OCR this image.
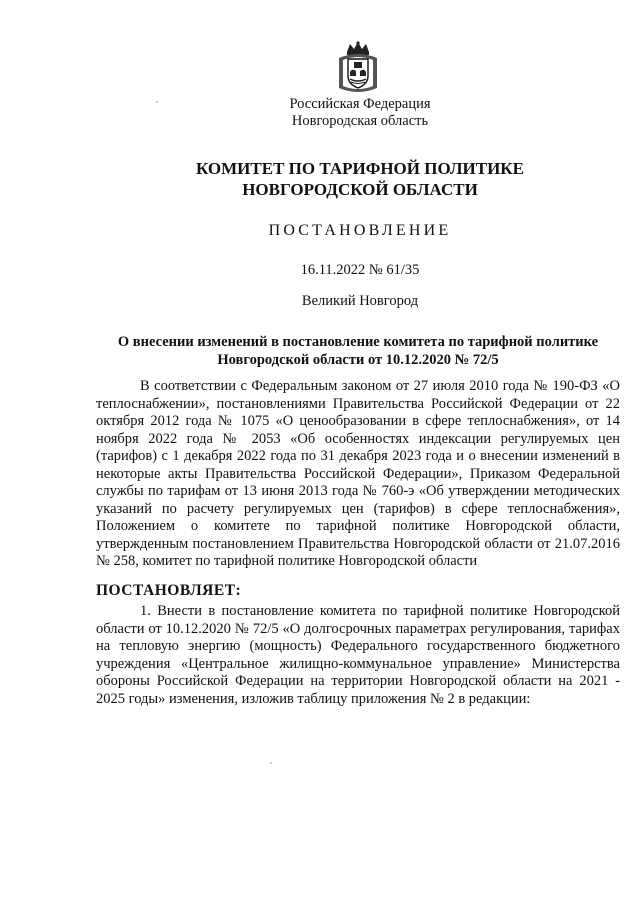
Российская Федерация
Новгородская область
КОМИТЕТ ПО ТАРИФНОЙ ПОЛИТИКЕ НОВГОРОДСКОЙ ОБЛАСТИ
ПОСТАНОВЛЕНИЕ
16.11.2022 № 61/35
Великий Новгород
О внесении изменений в постановление комитета по тарифной политике Новгородской области от 10.12.2020 № 72/5

В соответствии с Федеральным законом от 27 июля 2010 года № 190-ФЗ «О теплоснабжении», постановлениями Правительства Российской Федерации от 22 октября 2012 года № 1075 «О ценообразовании в сфере теплоснабжения», от 14 ноября 2022 года № 2053 «Об особенностях индексации регулируемых цен (тарифов) с 1 декабря 2022 года по 31 декабря 2023 года и о внесении изменений в некоторые акты Правительства Российской Федерации», Приказом Федеральной службы по тарифам от 13 июня 2013 года № 760-э «Об утверждении методических указаний по расчету регулируемых цен (тарифов) в сфере теплоснабжения», Положением о комитете по тарифной политике Новгородской области, утвержденным постановлением Правительства Новгородской области от 21.07.2016 № 258, комитет по тарифной политике Новгородской области

ПОСТАНОВЛЯЕТ:

1. Внести в постановление комитета по тарифной политике Новгородской области от 10.12.2020 № 72/5 «О долгосрочных параметрах регулирования, тарифах на тепловую энергию (мощность) Федерального государственного бюджетного учреждения «Центральное жилищно-коммунальное управление» Министерства обороны Российской Федерации на территории Новгородской области на 2021 - 2025 годы» изменения, изложив таблицу приложения № 2 в редакции:
